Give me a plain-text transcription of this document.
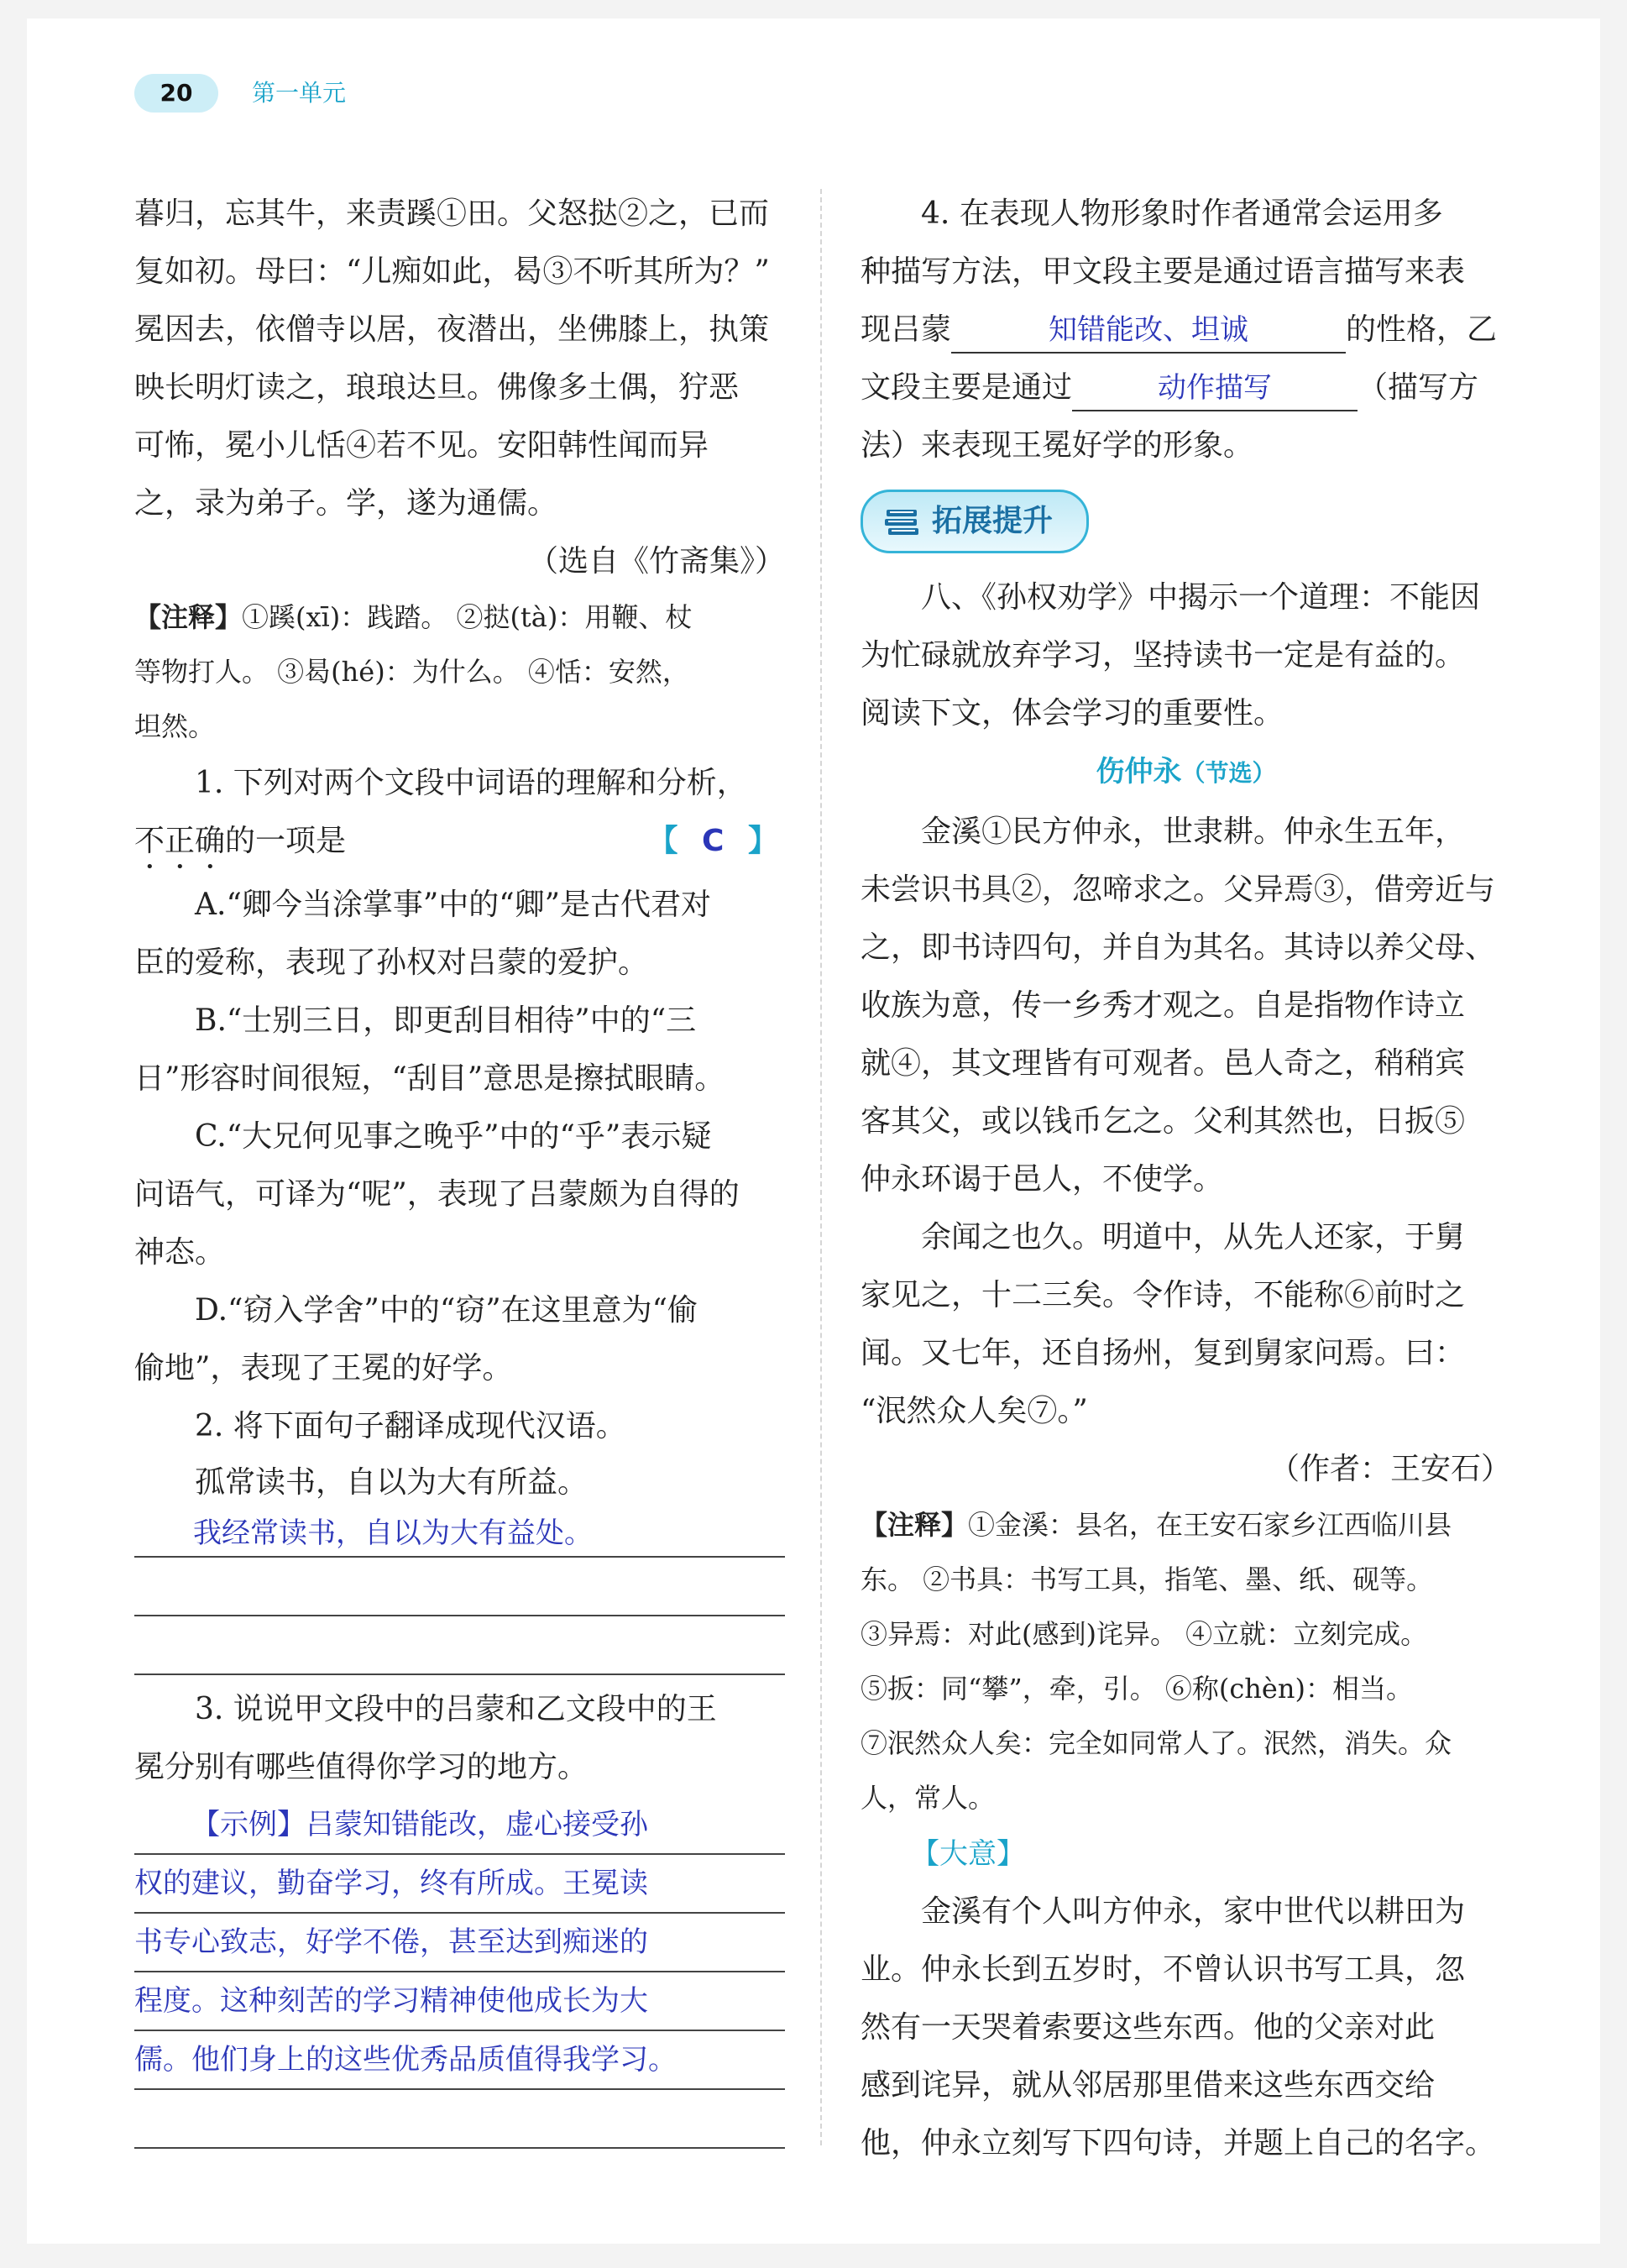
20	第一单元

暮归，忘其牛，来责蹊①田。父怒挞②之，已而

复如初。母曰：“儿痴如此，曷③不听其所为？”

冕因去，依僧寺以居，夜潜出，坐佛膝上，执策

映长明灯读之，琅琅达旦。佛像多土偶，狞恶

可怖，冕小儿恬④若不见。安阳韩性闻而异

之，录为弟子。学，遂为通儒。

（选自《竹斋集》）

【注释】①蹊(xī)：践踏。 ②挞(tà)：用鞭、杖

等物打人。 ③曷(hé)：为什么。 ④恬：安然，

坦然。

1. 下列对两个文段中词语的理解和分析，

不正确的一项是	【 C 】

A.“卿今当涂掌事”中的“卿”是古代君对

臣的爱称，表现了孙权对吕蒙的爱护。

B.“士别三日，即更刮目相待”中的“三

日”形容时间很短，“刮目”意思是擦拭眼睛。

C.“大兄何见事之晚乎”中的“乎”表示疑

问语气，可译为“呢”，表现了吕蒙颇为自得的

神态。

D.“窃入学舍”中的“窃”在这里意为“偷

偷地”，表现了王冕的好学。

2. 将下面句子翻译成现代汉语。

孤常读书，自以为大有所益。

我经常读书，自以为大有益处。

3. 说说甲文段中的吕蒙和乙文段中的王

冕分别有哪些值得你学习的地方。

【示例】吕蒙知错能改，虚心接受孙
权的建议，勤奋学习，终有所成。王冕读
书专心致志，好学不倦，甚至达到痴迷的
程度。这种刻苦的学习精神使他成长为大
儒。他们身上的这些优秀品质值得我学习。

4. 在表现人物形象时作者通常会运用多

种描写方法，甲文段主要是通过语言描写来表

现吕蒙	知错能改、坦诚	的性格，乙

文段主要是通过	动作描写	（描写方

法）来表现王冕好学的形象。

拓展提升

八、《孙权劝学》中揭示一个道理：不能因

为忙碌就放弃学习，坚持读书一定是有益的。

阅读下文，体会学习的重要性。

伤仲永（节选）

金溪①民方仲永，世隶耕。仲永生五年，

未尝识书具②，忽啼求之。父异焉③，借旁近与

之，即书诗四句，并自为其名。其诗以养父母、

收族为意，传一乡秀才观之。自是指物作诗立

就④，其文理皆有可观者。邑人奇之，稍稍宾

客其父，或以钱币乞之。父利其然也，日扳⑤

仲永环谒于邑人，不使学。

余闻之也久。明道中，从先人还家，于舅

家见之，十二三矣。令作诗，不能称⑥前时之

闻。又七年，还自扬州，复到舅家问焉。曰：

“泯然众人矣⑦。”

（作者：王安石）

【注释】①金溪：县名，在王安石家乡江西临川县

东。 ②书具：书写工具，指笔、墨、纸、砚等。

③异焉：对此(感到)诧异。 ④立就：立刻完成。

⑤扳：同“攀”，牵，引。 ⑥称(chèn)：相当。

⑦泯然众人矣：完全如同常人了。泯然，消失。众

人，常人。

【大意】

金溪有个人叫方仲永，家中世代以耕田为

业。仲永长到五岁时，不曾认识书写工具，忽

然有一天哭着索要这些东西。他的父亲对此

感到诧异，就从邻居那里借来这些东西交给

他，仲永立刻写下四句诗，并题上自己的名字。
